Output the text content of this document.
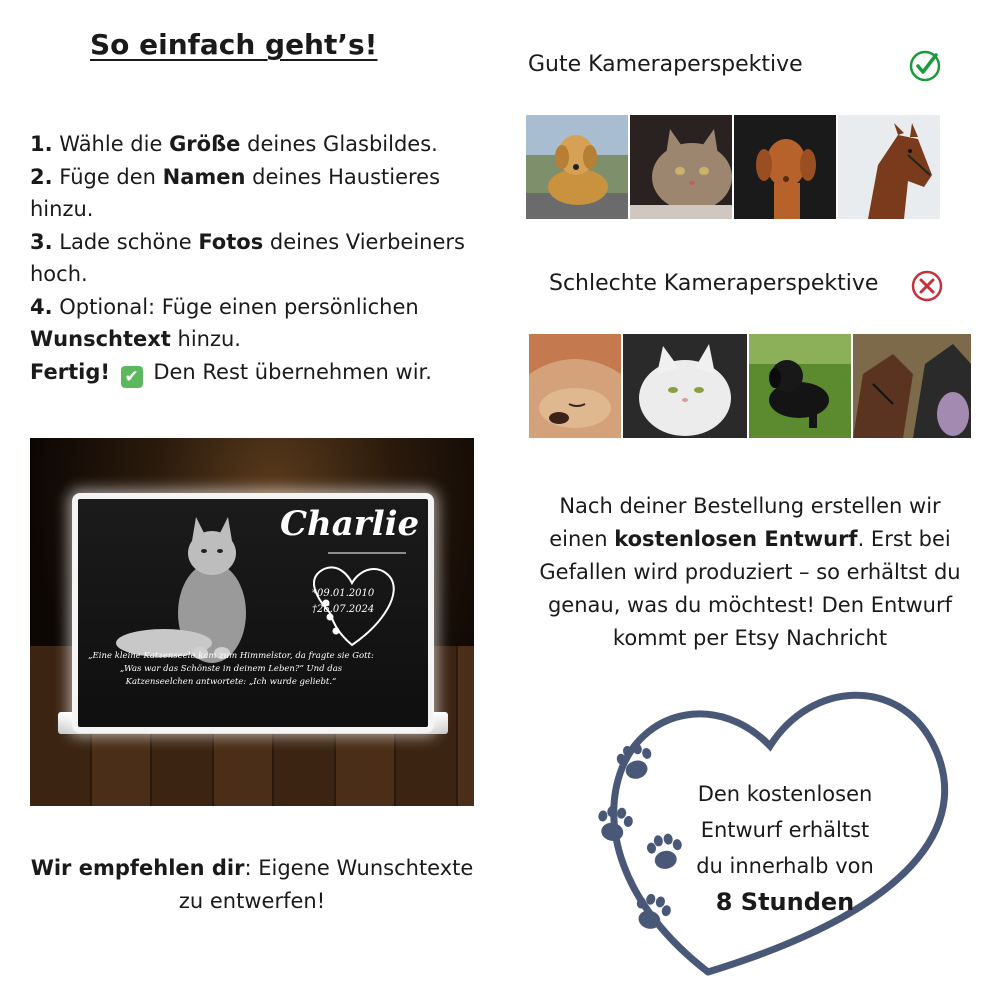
So einfach geht’s!

1. Wähle die Größe deines Glasbildes.

2. Füge den Namen deines Haustieres hinzu.

3. Lade schöne Fotos deines Vierbeiners hoch.

4. Optional: Füge einen persönlichen Wunschtext hinzu.

Fertig! ✔ Den Rest übernehmen wir.
Charlie
*09.01.2010
†26.07.2024
„Eine kleine Katzenseele kam zum Himmelstor, da fragte sie Gott: „Was war das Schönste in deinem Leben?“ Und das Katzenseelchen antwortete: „Ich wurde geliebt.“
Wir empfehlen dir: Eigene Wunschtexte zu entwerfen!
Gute Kameraperspektive
Schlechte Kameraperspektive
Nach deiner Bestellung erstellen wir einen kostenlosen Entwurf. Erst bei Gefallen wird produziert – so erhältst du genau, was du möchtest! Den Entwurf kommt per Etsy Nachricht
Den kostenlosen
Entwurf erhältst
du innerhalb von
8 Stunden
